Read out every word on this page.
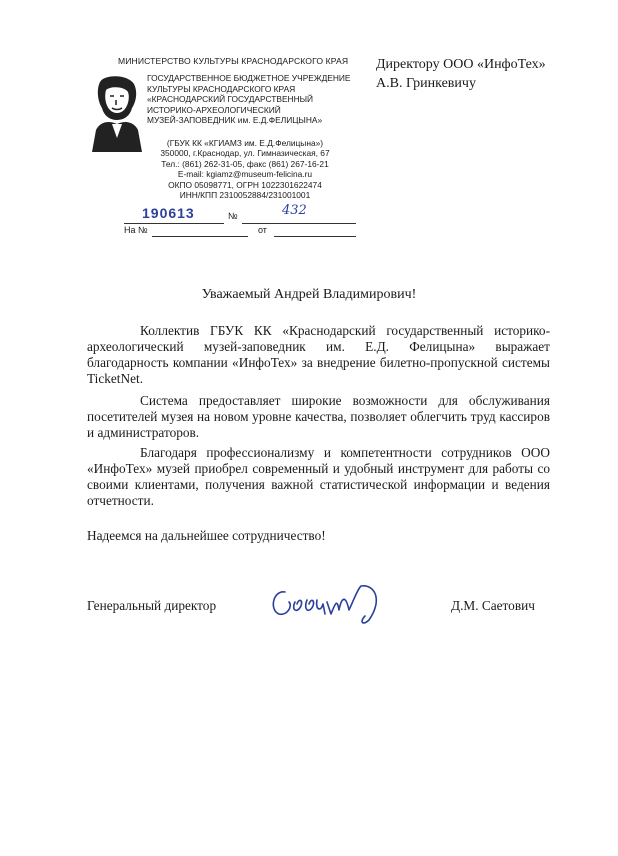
МИНИСТЕРСТВО КУЛЬТУРЫ КРАСНОДАРСКОГО КРАЯ
ГОСУДАРСТВЕННОЕ БЮДЖЕТНОЕ УЧРЕЖДЕНИЕ
КУЛЬТУРЫ КРАСНОДАРСКОГО КРАЯ
«КРАСНОДАРСКИЙ ГОСУДАРСТВЕННЫЙ
ИСТОРИКО-АРХЕОЛОГИЧЕСКИЙ
МУЗЕЙ-ЗАПОВЕДНИК им. Е.Д.ФЕЛИЦЫНА»
(ГБУК КК «КГИАМЗ им. Е.Д.Фелицына»)
350000, г.Краснодар, ул. Гимназическая, 67
Тел.: (861) 262-31-05, факс (861) 267-16-21
E-mail: kgiamz@museum-felicina.ru
ОКПО 05098771, ОГРН 1022301622474
ИНН/КПП 2310052884/231001001
190613	№	432
На №	от
Директору ООО «ИнфоТех»
А.В. Гринкевичу
Уважаемый Андрей Владимирович!
Коллектив ГБУК КК «Краснодарский государственный историко-археологический музей-заповедник им. Е.Д. Фелицына» выражает благодарность компании «ИнфоТех» за внедрение билетно-пропускной системы TicketNet.
Система предоставляет широкие возможности для обслуживания посетителей музея на новом уровне качества, позволяет облегчить труд кассиров и администраторов.
Благодаря профессионализму и компетентности сотрудников ООО «ИнфоТех» музей приобрел современный и удобный инструмент для работы со своими клиентами, получения важной статистической информации и ведения отчетности.
Надеемся на дальнейшее сотрудничество!
Генеральный директор	Д.М. Саетович
